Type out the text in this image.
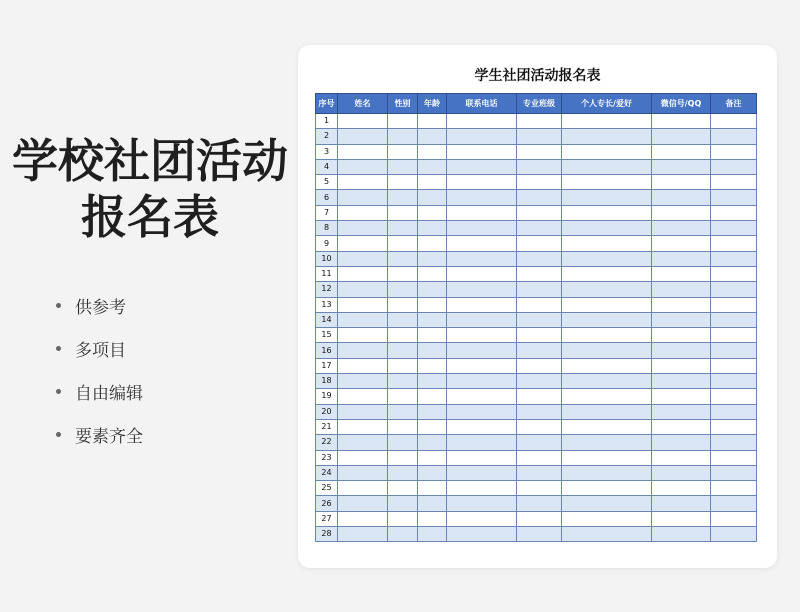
学校社团活动
报名表
供参考
多项目
自由编辑
要素齐全
学生社团活动报名表
序号	姓名	性别	年龄	联系电话	专业班级	个人专长/爱好	微信号/QQ	备注
1								
2								
3								
4								
5								
6								
7								
8								
9								
10								
11								
12								
13								
14								
15								
16								
17								
18								
19								
20								
21								
22								
23								
24								
25								
26								
27								
28								
